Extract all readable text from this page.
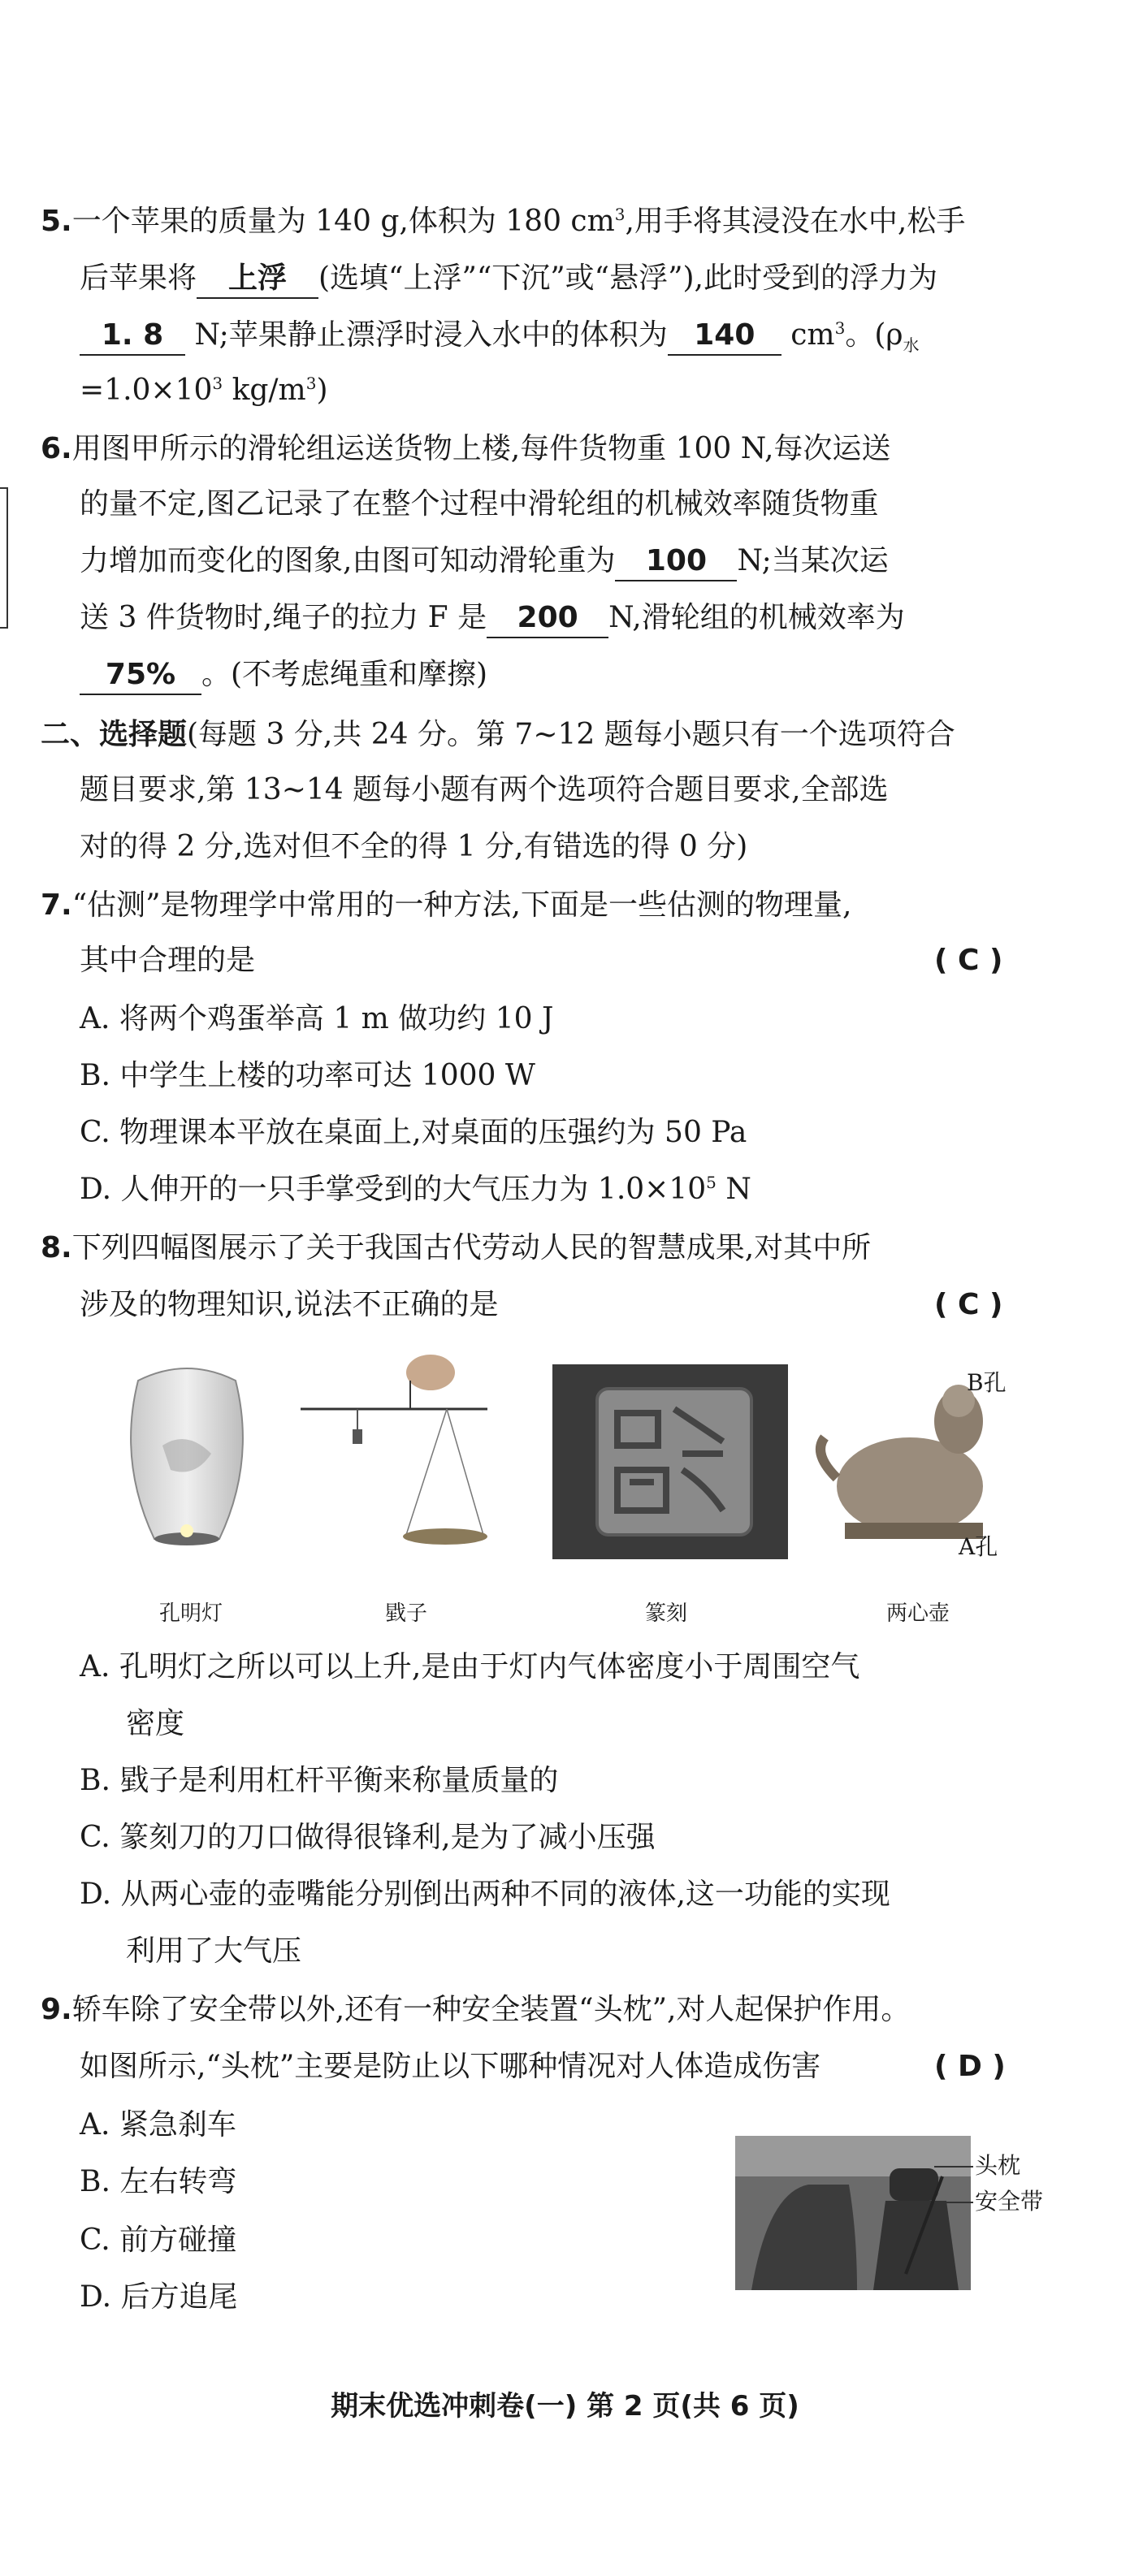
5.一个苹果的质量为 140 g,体积为 180 $cm^3$,用手将其浸没在水中,松手
后苹果将 上浮 (选填“上浮”“下沉”或“悬浮”),此时受到的浮力为
1. 8 N;苹果静止漂浮时浸入水中的体积为 140 $cm^3$。($\rho_水$
$=1.0\times 10^3$ $kg/m^3$)
6.用图甲所示的滑轮组运送货物上楼,每件货物重 100 N,每次运送
的量不定,图乙记录了在整个过程中滑轮组的机械效率随货物重
力增加而变化的图象,由图可知动滑轮重为 100 N;当某次运
送 3 件货物时,绳子的拉力 F 是 200 N,滑轮组的机械效率为
75% 。(不考虑绳重和摩擦)
二、选择题(每题 3 分,共 24 分。第 7~12 题每小题只有一个选项符合
题目要求,第 13~14 题每小题有两个选项符合题目要求,全部选
对的得 2 分,选对但不全的得 1 分,有错选的得 0 分)
7.“估测”是物理学中常用的一种方法,下面是一些估测的物理量,
其中合理的是	( C )
A. 将两个鸡蛋举高 1 m 做功约 10 J
B. 中学生上楼的功率可达 1000 W
C. 物理课本平放在桌面上,对桌面的压强约为 50 Pa
D. 人伸开的一只手掌受到的大气压力为 $1.0\times 10^5$ N
8.下列四幅图展示了关于我国古代劳动人民的智慧成果,对其中所
涉及的物理知识,说法不正确的是	( C )
B孔
A孔
孔明灯	戥子	篆刻	两心壶
A. 孔明灯之所以可以上升,是由于灯内气体密度小于周围空气
密度
B. 戥子是利用杠杆平衡来称量质量的
C. 篆刻刀的刀口做得很锋利,是为了减小压强
D. 从两心壶的壶嘴能分别倒出两种不同的液体,这一功能的实现
利用了大气压
9.轿车除了安全带以外,还有一种安全装置“头枕”,对人起保护作用。
如图所示,“头枕”主要是防止以下哪种情况对人体造成伤害	( D )
A. 紧急刹车
B. 左右转弯
C. 前方碰撞
D. 后方追尾
头枕
安全带
期末优选冲刺卷(一) 第 2 页(共 6 页)
